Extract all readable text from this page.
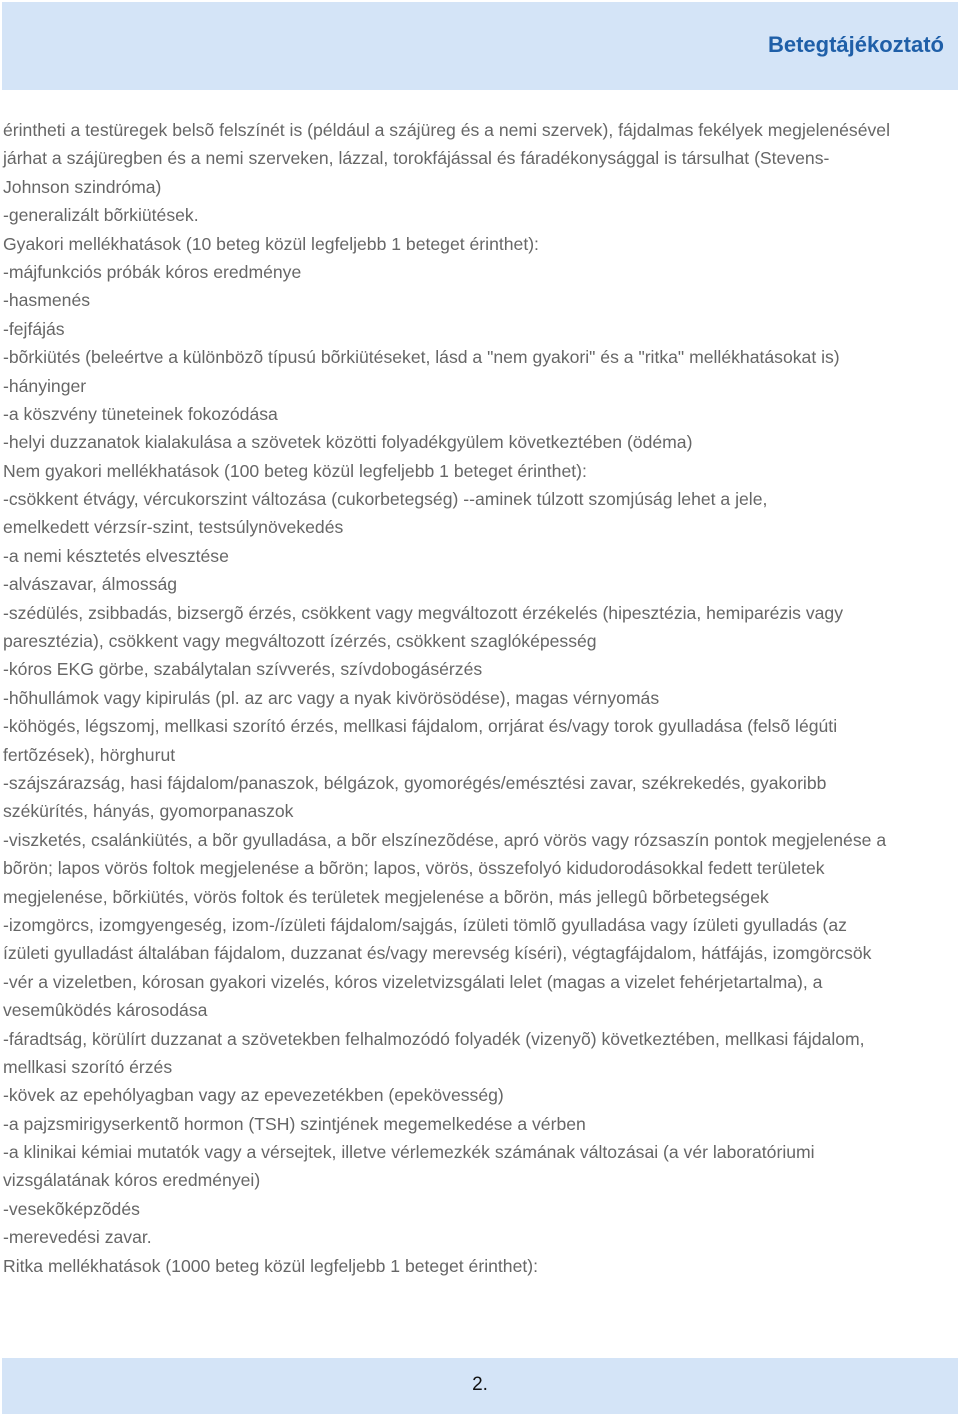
Betegtájékoztató
érintheti a testüregek belsõ felszínét is (például a szájüreg és a nemi szervek), fájdalmas fekélyek megjelenésével
járhat a szájüregben és a nemi szerveken, lázzal, torokfájással és fáradékonysággal is társulhat (Stevens-
Johnson szindróma)
-generalizált bõrkiütések.
Gyakori mellékhatások (10 beteg közül legfeljebb 1 beteget érinthet):
-májfunkciós próbák kóros eredménye
-hasmenés
-fejfájás
-bõrkiütés (beleértve a különbözõ típusú bõrkiütéseket, lásd a "nem gyakori" és a "ritka" mellékhatásokat is)
-hányinger
-a köszvény tüneteinek fokozódása
-helyi duzzanatok kialakulása a szövetek közötti folyadékgyülem következtében (ödéma)
Nem gyakori mellékhatások (100 beteg közül legfeljebb 1 beteget érinthet):
-csökkent étvágy, vércukorszint változása (cukorbetegség) --aminek túlzott szomjúság lehet a jele,
emelkedett vérzsír-szint, testsúlynövekedés
-a nemi késztetés elvesztése
-alvászavar, álmosság
-szédülés, zsibbadás, bizsergõ érzés, csökkent vagy megváltozott érzékelés (hipesztézia, hemiparézis vagy
paresztézia), csökkent vagy megváltozott ízérzés, csökkent szaglóképesség
-kóros EKG görbe, szabálytalan szívverés, szívdobogásérzés
-hõhullámok vagy kipirulás (pl. az arc vagy a nyak kivörösödése), magas vérnyomás
-köhögés, légszomj, mellkasi szorító érzés, mellkasi fájdalom, orrjárat és/vagy torok gyulladása (felsõ légúti
fertõzések), hörghurut
-szájszárazság, hasi fájdalom/panaszok, bélgázok, gyomorégés/emésztési zavar, székrekedés, gyakoribb
székürítés, hányás, gyomorpanaszok
-viszketés, csalánkiütés, a bõr gyulladása, a bõr elszínezõdése, apró vörös vagy rózsaszín pontok megjelenése a
bõrön; lapos vörös foltok megjelenése a bõrön; lapos, vörös, összefolyó kidudorodásokkal fedett területek
megjelenése, bõrkiütés, vörös foltok és területek megjelenése a bõrön, más jellegû bõrbetegségek
-izomgörcs, izomgyengeség, izom-/ízületi fájdalom/sajgás, ízületi tömlõ gyulladása vagy ízületi gyulladás (az
ízületi gyulladást általában fájdalom, duzzanat és/vagy merevség kíséri), végtagfájdalom, hátfájás, izomgörcsök
-vér a vizeletben, kórosan gyakori vizelés, kóros vizeletvizsgálati lelet (magas a vizelet fehérjetartalma), a
vesemûködés károsodása
-fáradtság, körülírt duzzanat a szövetekben felhalmozódó folyadék (vizenyõ) következtében, mellkasi fájdalom,
mellkasi szorító érzés
-kövek az epehólyagban vagy az epevezetékben (epekövesség)
-a pajzsmirigyserkentõ hormon (TSH) szintjének megemelkedése a vérben
-a klinikai kémiai mutatók vagy a vérsejtek, illetve vérlemezkék számának változásai (a vér laboratóriumi
vizsgálatának kóros eredményei)
-vesekõképzõdés
-merevedési zavar.
Ritka mellékhatások (1000 beteg közül legfeljebb 1 beteget érinthet):
2.
